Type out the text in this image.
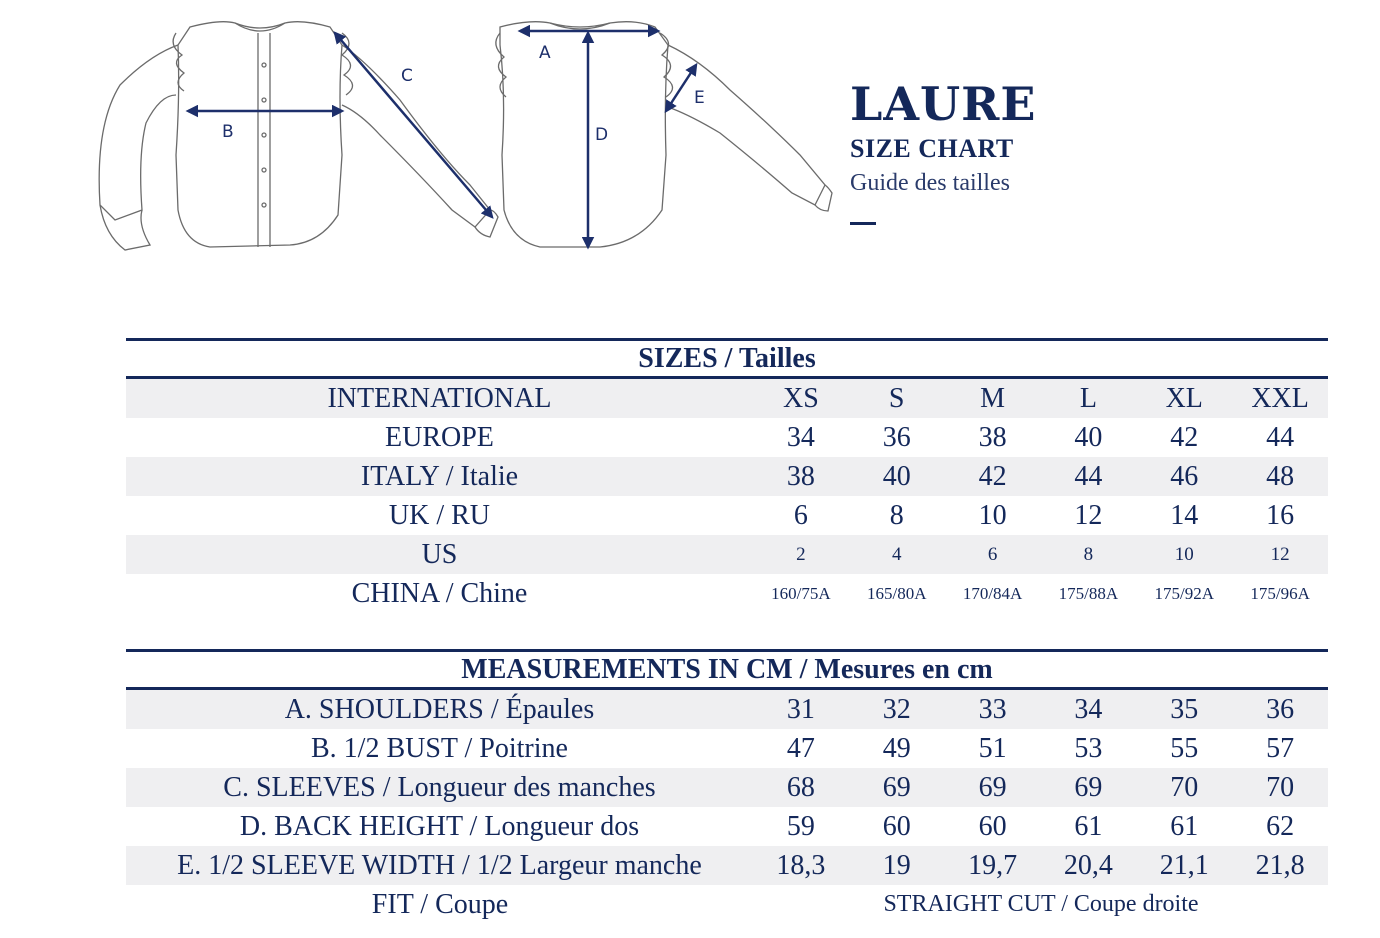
A
B
C
D
E	LAURE
SIZE CHART
Guide des tailles
SIZES / Tailles
INTERNATIONAL	XS	S	M	L	XL	XXL
EUROPE	34	36	38	40	42	44
ITALY / Italie	38	40	42	44	46	48
UK / RU	6	8	10	12	14	16
US	2	4	6	8	10	12
CHINA / Chine	160/75A	165/80A	170/84A	175/88A	175/92A	175/96A
MEASUREMENTS IN CM / Mesures en cm
A. SHOULDERS / Épaules	31	32	33	34	35	36
B. 1/2 BUST / Poitrine	47	49	51	53	55	57
C. SLEEVES / Longueur des manches	68	69	69	69	70	70
D. BACK HEIGHT / Longueur dos	59	60	60	61	61	62
E. 1/2 SLEEVE WIDTH / 1/2 Largeur manche	18,3	19	19,7	20,4	21,1	21,8
FIT / Coupe	STRAIGHT CUT / Coupe droite
